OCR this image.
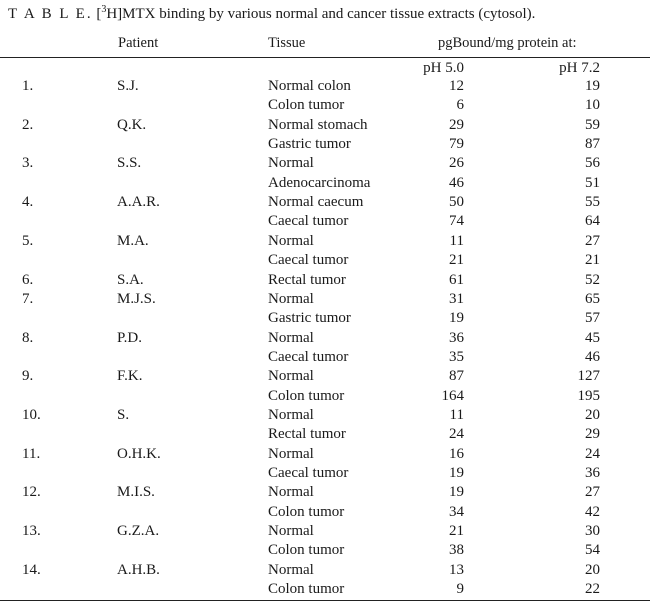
T A B L E. [$^3$H]MTX binding by various normal and cancer tissue extracts (cytosol).
Patient	Tissue	pgBound/mg protein at:
pH 5.0	pH 7.2
1.	S.J.	Normal colon	12	19
Colon tumor	6	10
2.	Q.K.	Normal stomach	29	59
Gastric tumor	79	87
3.	S.S.	Normal	26	56
Adenocarcinoma	46	51
4.	A.A.R.	Normal caecum	50	55
Caecal tumor	74	64
5.	M.A.	Normal	11	27
Caecal tumor	21	21
6.	S.A.	Rectal tumor	61	52
7.	M.J.S.	Normal	31	65
Gastric tumor	19	57
8.	P.D.	Normal	36	45
Caecal tumor	35	46
9.	F.K.	Normal	87	127
Colon tumor	164	195
10.	S.	Normal	11	20
Rectal tumor	24	29
11.	O.H.K.	Normal	16	24
Caecal tumor	19	36
12.	M.I.S.	Normal	19	27
Colon tumor	34	42
13.	G.Z.A.	Normal	21	30
Colon tumor	38	54
14.	A.H.B.	Normal	13	20
Colon tumor	9	22
